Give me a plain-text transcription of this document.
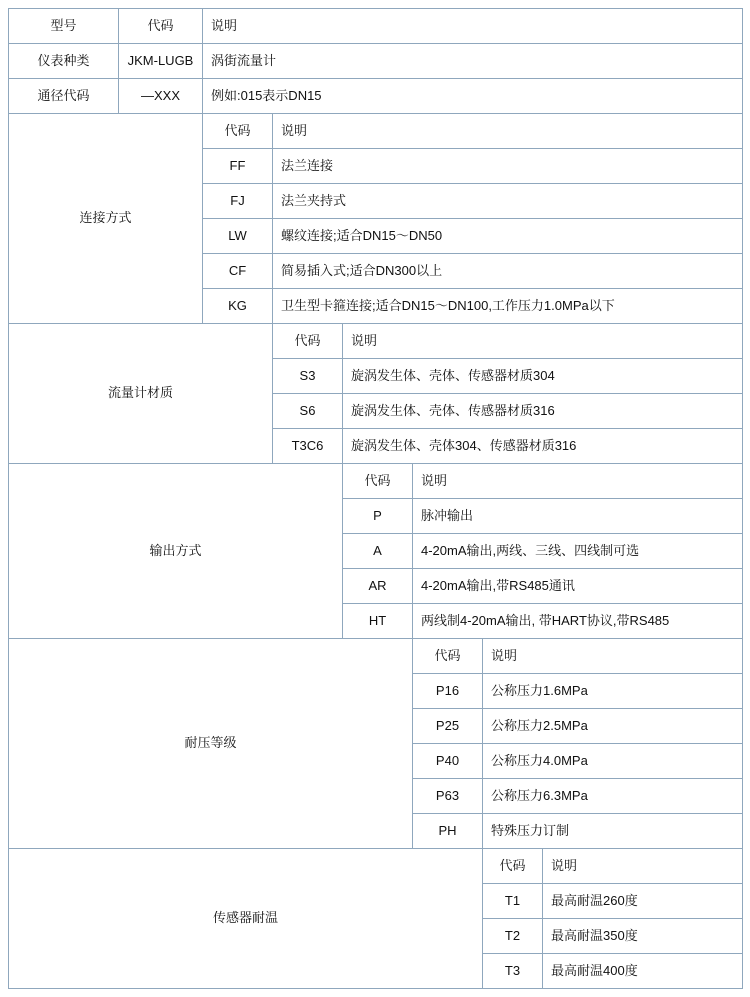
型号	代码	说明					
仪表种类	JKM-LUGB	涡街流量计					
通径代码	—XXX	例如:015表示DN15					
连接方式		代码	说明				
		FF	法兰连接				
		FJ	法兰夹持式				
		LW	螺纹连接;适合DN15～DN50				
		CF	简易插入式;适合DN300以上				
		KG	卫生型卡箍连接;适合DN15～DN100,工作压力1.0MPa以下				
流量计材质			代码	说明			
			S3	旋涡发生体、壳体、传感器材质304			
			S6	旋涡发生体、壳体、传感器材质316			
			T3C6	旋涡发生体、壳体304、传感器材质316			
输出方式				代码	说明		
				P	脉冲输出		
				A	4-20mA输出,两线、三线、四线制可选		
				AR	4-20mA输出,带RS485通讯		
				HT	两线制4-20mA输出, 带HART协议,带RS485		
耐压等级					代码	说明	
					P16	公称压力1.6MPa	
					P25	公称压力2.5MPa	
					P40	公称压力4.0MPa	
					P63	公称压力6.3MPa	
					PH	特殊压力订制	
传感器耐温						代码	说明
						T1	最高耐温260度
						T2	最高耐温350度
						T3	最高耐温400度
